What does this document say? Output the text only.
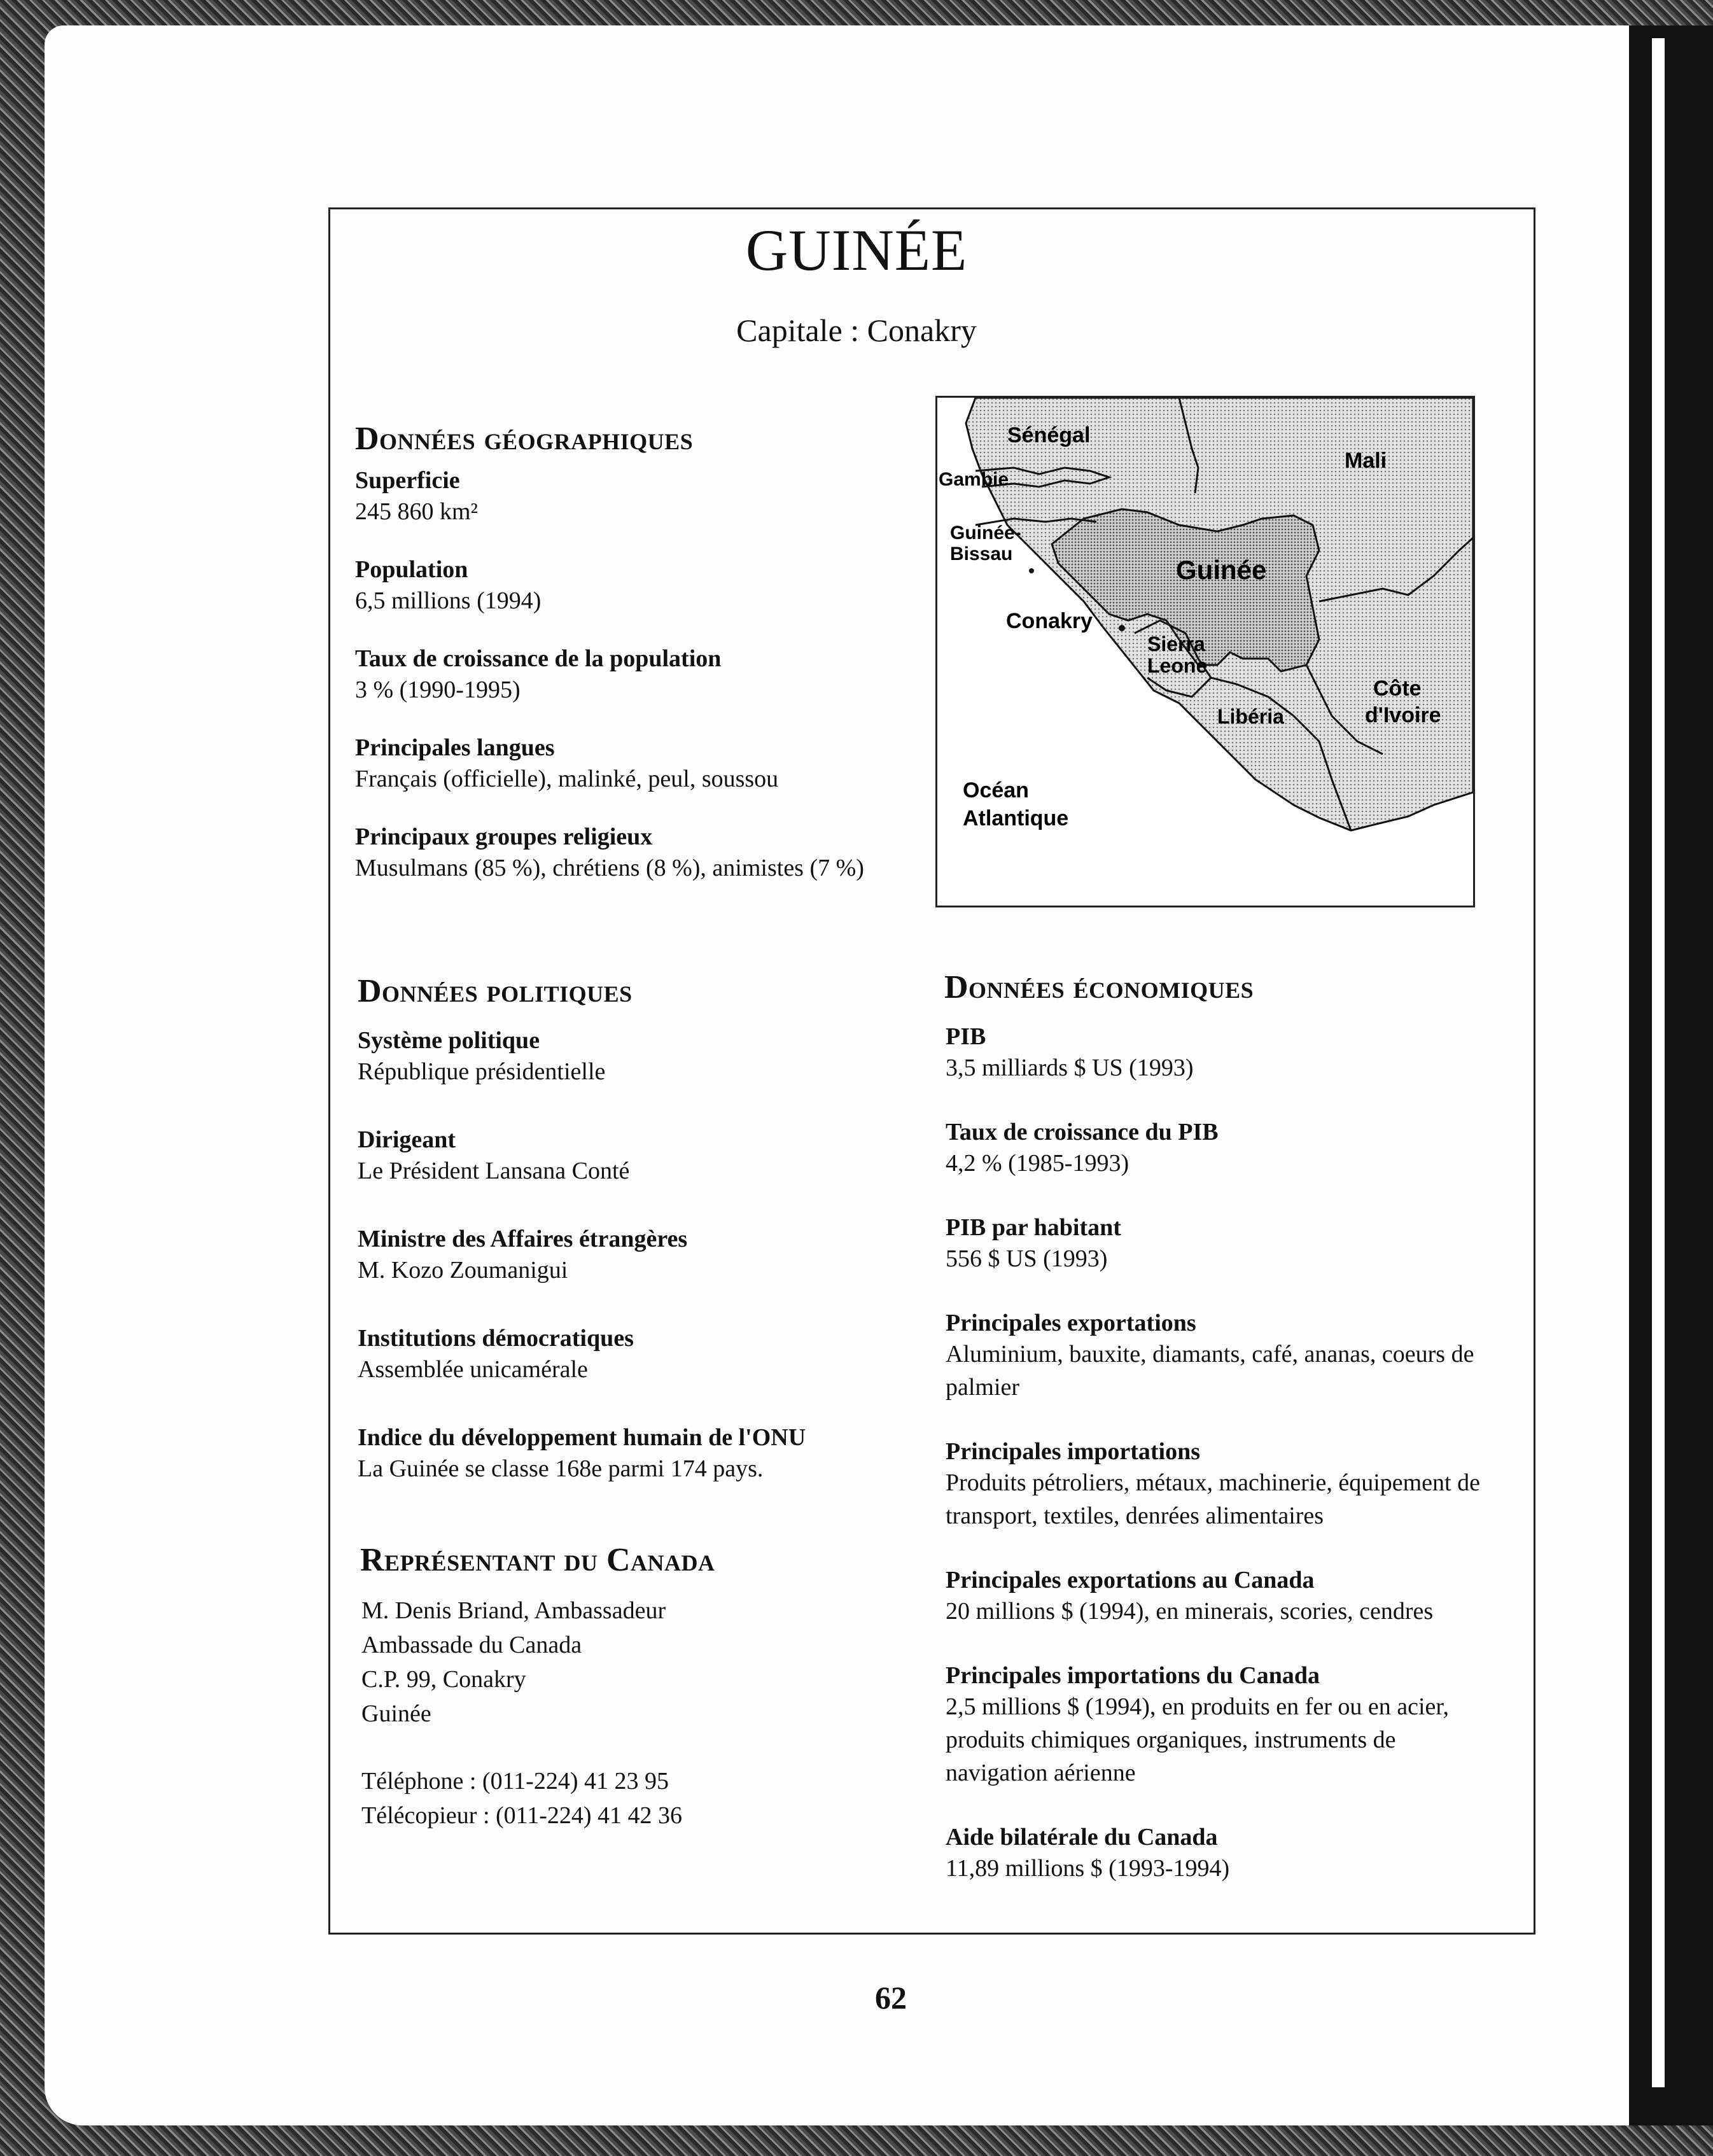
GUINÉE
Capitale : Conakry
Données géographiques
Superficie
245 860 km²
Population
6,5 millions (1994)
Taux de croissance de la population
3 % (1990-1995)
Principales langues
Français (officielle), malinké, peul, soussou
Principaux groupes religieux
Musulmans (85 %), chrétiens (8 %), animistes (7 %)
Sénégal
Mali
Gambie
Guinée-
Bissau
Guinée
Conakry
Sierra
Leone
Côte
d'Ivoire
Libéria
Océan
Atlantique
Données politiques
Système politique
République présidentielle
Dirigeant
Le Président Lansana Conté
Ministre des Affaires étrangères
M. Kozo Zoumanigui
Institutions démocratiques
Assemblée unicamérale
Indice du développement humain de l'ONU
La Guinée se classe 168e parmi 174 pays.
Représentant du Canada
M. Denis Briand, Ambassadeur
Ambassade du Canada
C.P. 99, Conakry
Guinée
Téléphone : (011-224) 41 23 95
Télécopieur : (011-224) 41 42 36
Données économiques
PIB
3,5 milliards $ US (1993)
Taux de croissance du PIB
4,2 % (1985-1993)
PIB par habitant
556 $ US (1993)
Principales exportations
Aluminium, bauxite, diamants, café, ananas, coeurs de palmier
Principales importations
Produits pétroliers, métaux, machinerie, équipement de transport, textiles, denrées alimentaires
Principales exportations au Canada
20 millions $ (1994), en minerais, scories, cendres
Principales importations du Canada
2,5 millions $ (1994), en produits en fer ou en acier, produits chimiques organiques, instruments de navigation aérienne
Aide bilatérale du Canada
11,89 millions $ (1993-1994)
62
